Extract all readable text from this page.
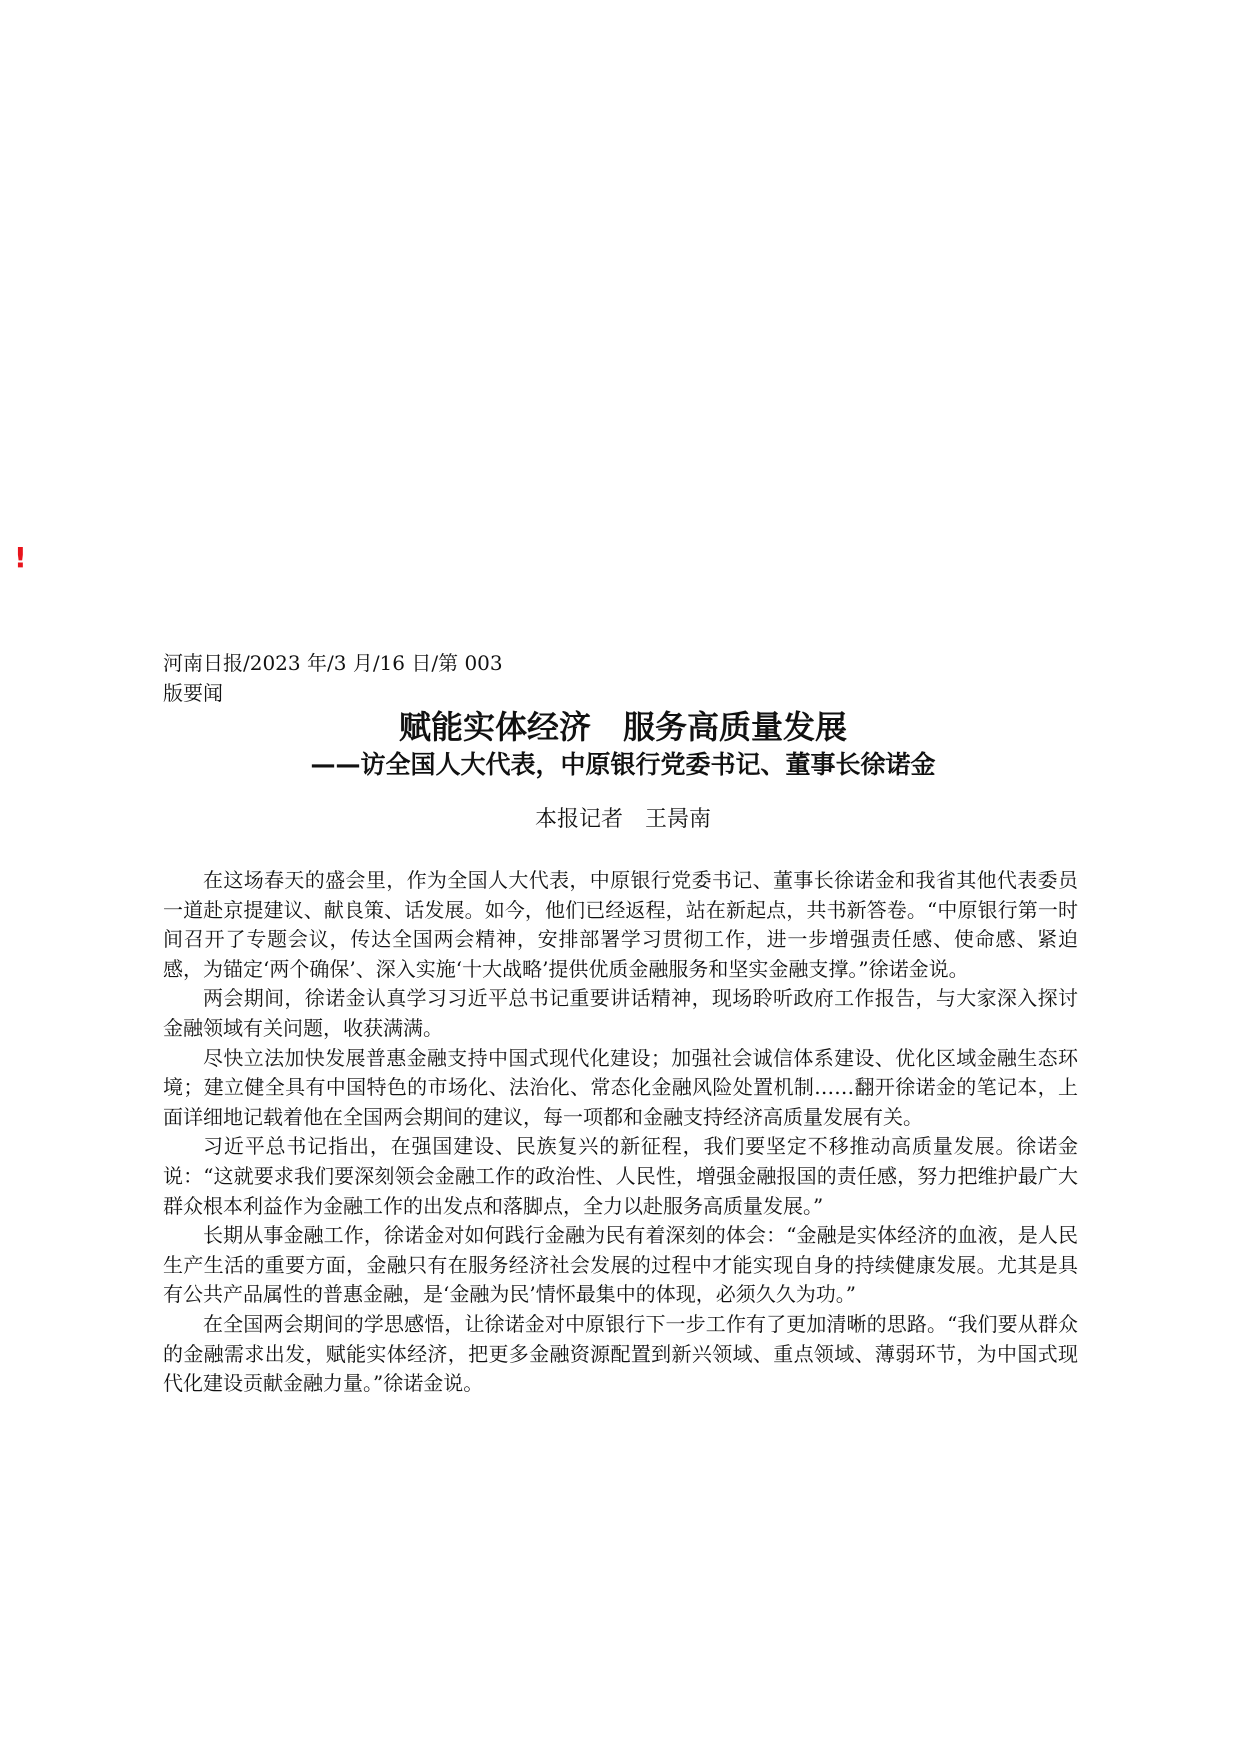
!
河南日报/2023 年/3 月/16 日/第 003
版要闻
赋能实体经济　服务高质量发展
——访全国人大代表，中原银行党委书记、董事长徐诺金
本报记者　王昺南

在这场春天的盛会里，作为全国人大代表，中原银行党委书记、董事长徐诺金和我省其他代表委员一道赴京提建议、献良策、话发展。如今，他们已经返程，站在新起点，共书新答卷。“中原银行第一时间召开了专题会议，传达全国两会精神，安排部署学习贯彻工作，进一步增强责任感、使命感、紧迫感，为锚定‘两个确保’、深入实施‘十大战略’提供优质金融服务和坚实金融支撑。”徐诺金说。

两会期间，徐诺金认真学习习近平总书记重要讲话精神，现场聆听政府工作报告，与大家深入探讨金融领域有关问题，收获满满。

尽快立法加快发展普惠金融支持中国式现代化建设；加强社会诚信体系建设、优化区域金融生态环境；建立健全具有中国特色的市场化、法治化、常态化金融风险处置机制……翻开徐诺金的笔记本，上面详细地记载着他在全国两会期间的建议，每一项都和金融支持经济高质量发展有关。

习近平总书记指出，在强国建设、民族复兴的新征程，我们要坚定不移推动高质量发展。徐诺金说：“这就要求我们要深刻领会金融工作的政治性、人民性，增强金融报国的责任感，努力把维护最广大群众根本利益作为金融工作的出发点和落脚点，全力以赴服务高质量发展。”

长期从事金融工作，徐诺金对如何践行金融为民有着深刻的体会：“金融是实体经济的血液，是人民生产生活的重要方面，金融只有在服务经济社会发展的过程中才能实现自身的持续健康发展。尤其是具有公共产品属性的普惠金融，是‘金融为民’情怀最集中的体现，必须久久为功。”

在全国两会期间的学思感悟，让徐诺金对中原银行下一步工作有了更加清晰的思路。“我们要从群众的金融需求出发，赋能实体经济，把更多金融资源配置到新兴领域、重点领域、薄弱环节，为中国式现代化建设贡献金融力量。”徐诺金说。
